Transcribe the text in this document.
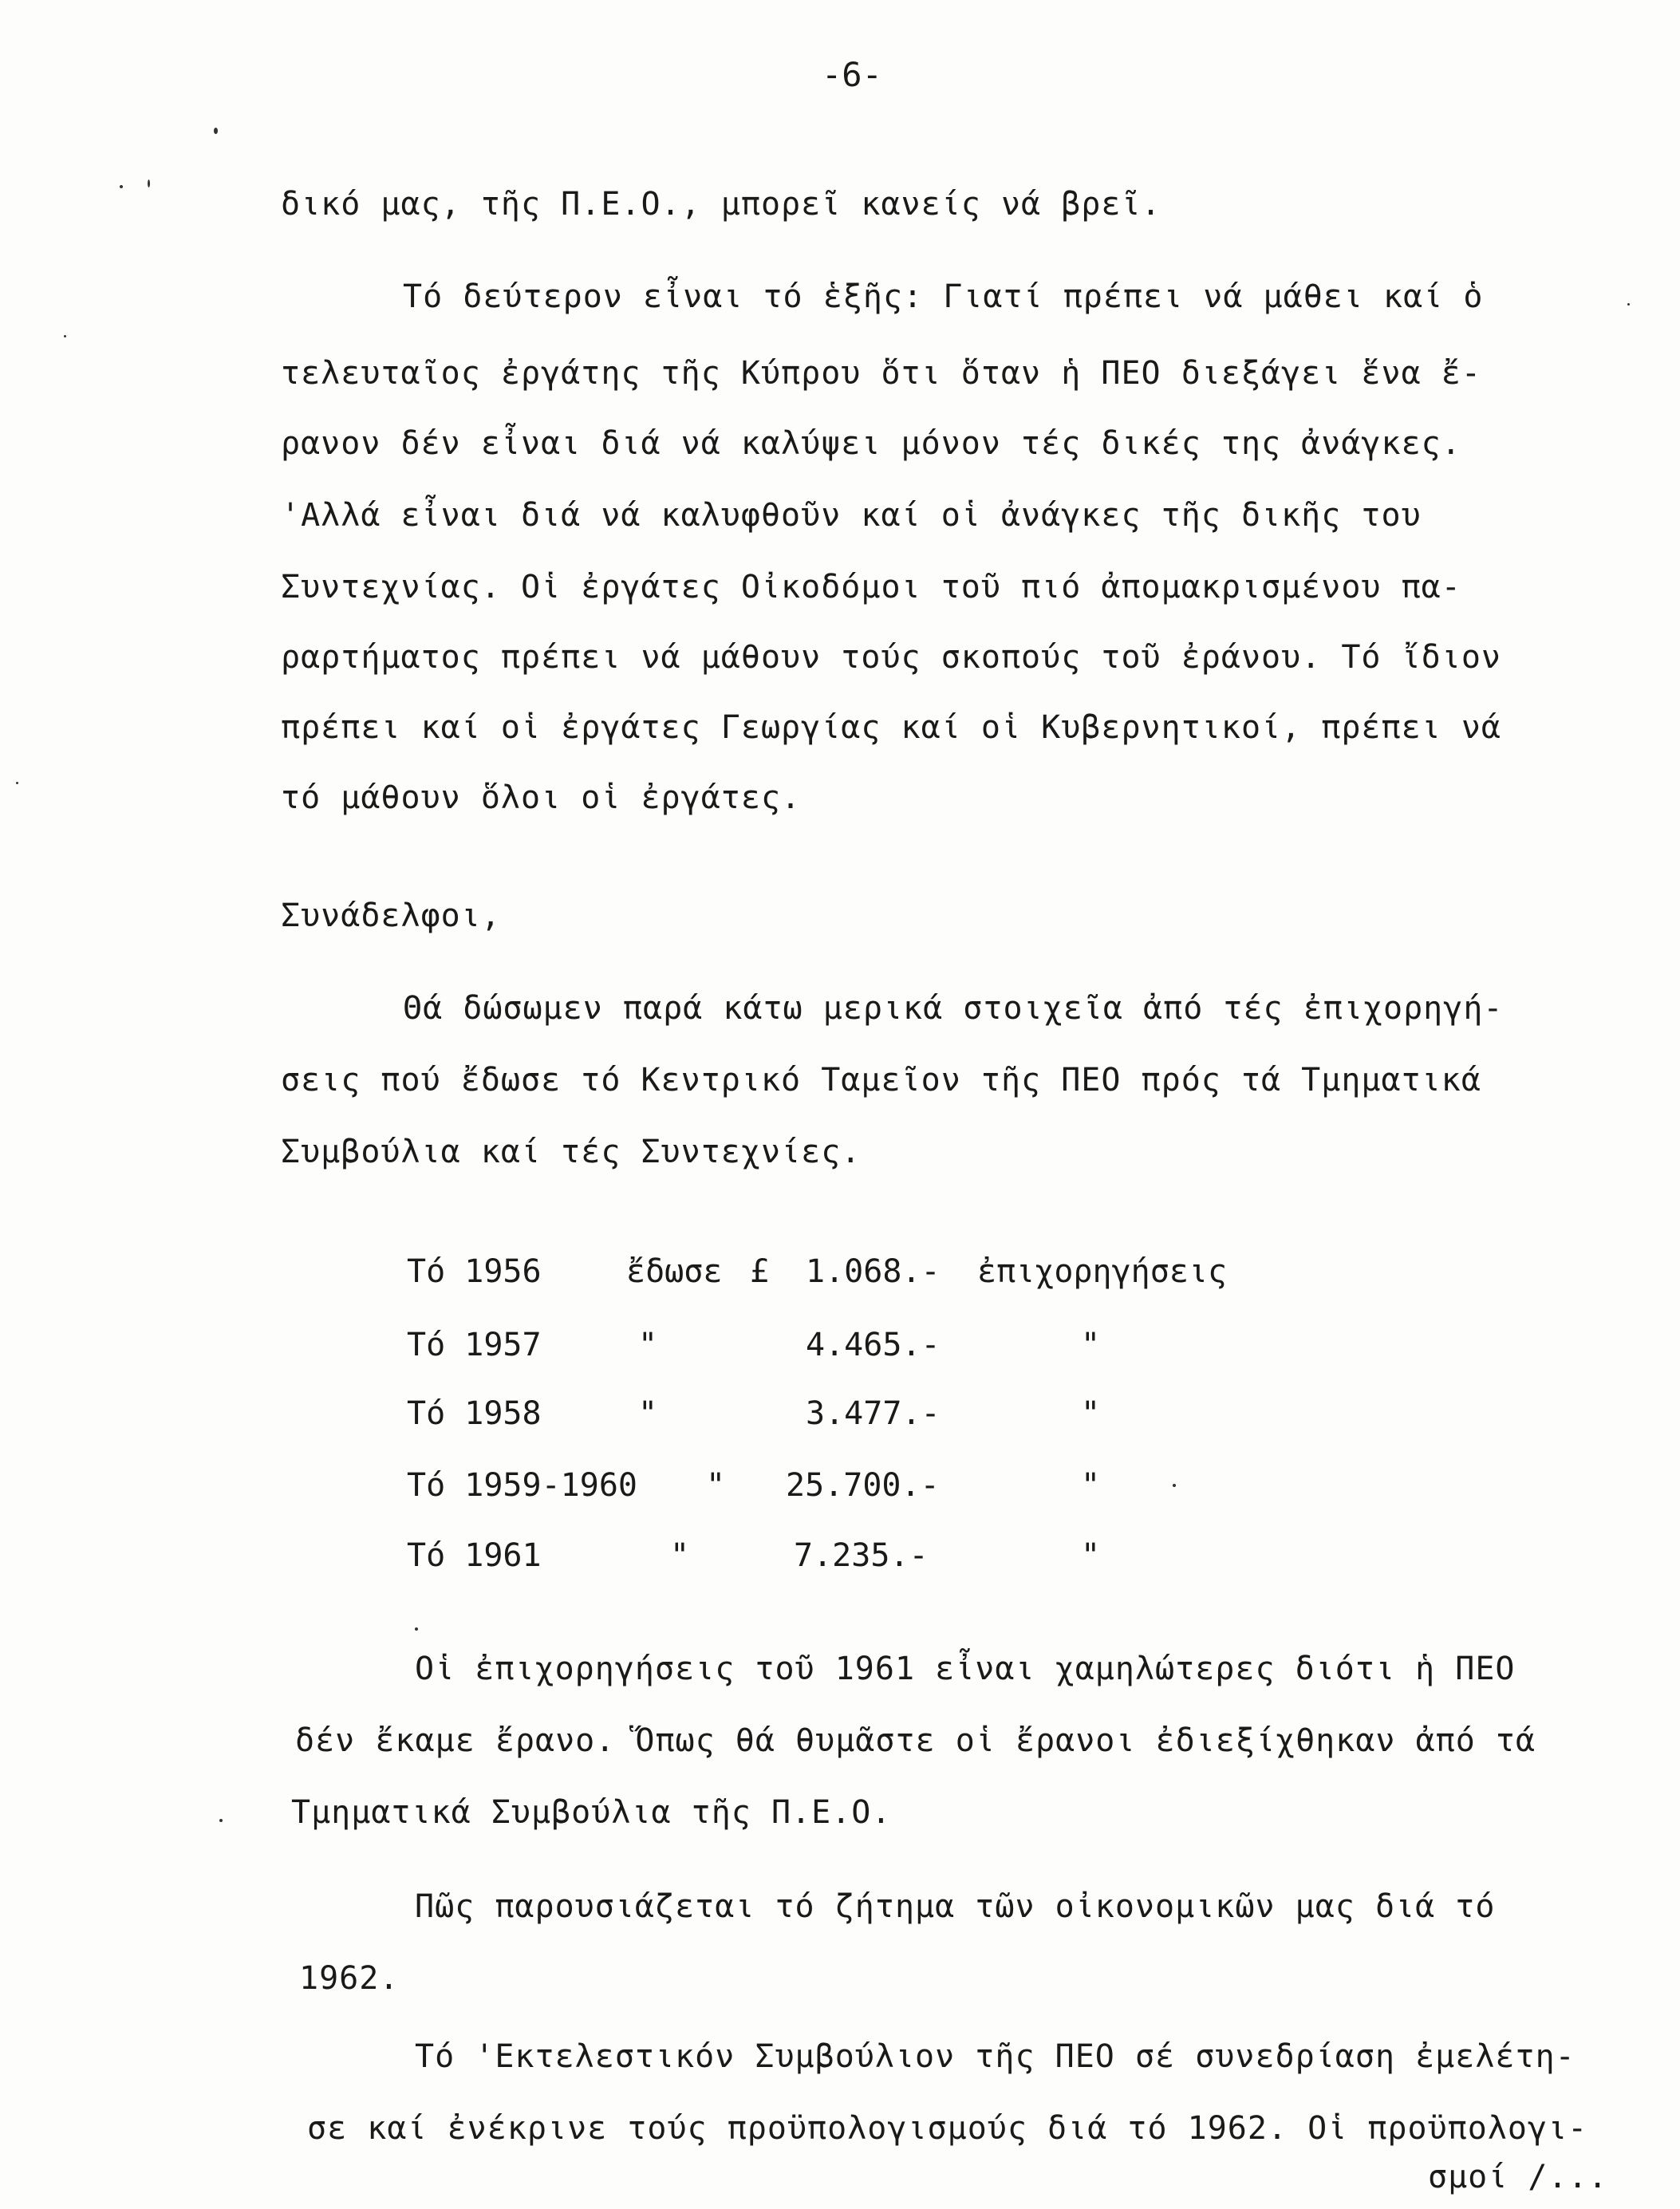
-6-
δικό μας, τῆς Π.Ε.Ο., μπορεῖ κανείς νά βρεῖ.
Τό δεύτερον εἶναι τό ἑξῆς: Γιατί πρέπει νά μάθει καί ὁ
τελευταῖος ἐργάτης τῆς Κύπρου ὅτι ὅταν ἡ ΠΕΟ διεξάγει ἕνα ἔ-
ρανον δέν εἶναι διά νά καλύψει μόνον τές δικές της ἀνάγκες.
'Αλλά εἶναι διά νά καλυφθοῦν καί οἱ ἀνάγκες τῆς δικῆς του
Συντεχνίας. Οἱ ἐργάτες Οἰκοδόμοι τοῦ πιό ἀπομακρισμένου πα-
ραρτήματος πρέπει νά μάθουν τούς σκοπούς τοῦ ἐράνου. Τό ἴδιον
πρέπει καί οἱ ἐργάτες Γεωργίας καί οἱ Κυβερνητικοί, πρέπει νά
τό μάθουν ὅλοι οἱ ἐργάτες.
Συνάδελφοι,
Θά δώσωμεν παρά κάτω μερικά στοιχεῖα ἀπό τές ἐπιχορηγή-
σεις πού ἔδωσε τό Κεντρικό Ταμεῖον τῆς ΠΕΟ πρός τά Τμηματικά
Συμβούλια καί τές Συντεχνίες.
Τό 1956	ἔδωσε £ 1.068.- ἐπιχορηγήσεις
Τό 1957	"	4.465.-	"
Τό 1958	"	3.477.-	"
Τό 1959-1960 " 25.700.-	"
Τό 1961	"	7.235.-	"
Οἱ ἐπιχορηγήσεις τοῦ 1961 εἶναι χαμηλώτερες διότι ἡ ΠΕΟ
δέν ἔκαμε ἔρανο. Ὅπως θά θυμᾶστε οἱ ἔρανοι ἐδιεξίχθηκαν ἀπό τά
Τμηματικά Συμβούλια τῆς Π.Ε.Ο.
Πῶς παρουσιάζεται τό ζήτημα τῶν οἰκονομικῶν μας διά τό
1962.
Τό 'Εκτελεστικόν Συμβούλιον τῆς ΠΕΟ σέ συνεδρίαση ἐμελέτη-
σε καί ἐνέκρινε τούς προϋπολογισμούς διά τό 1962. Οἱ προϋπολογι-
σμοί /...
